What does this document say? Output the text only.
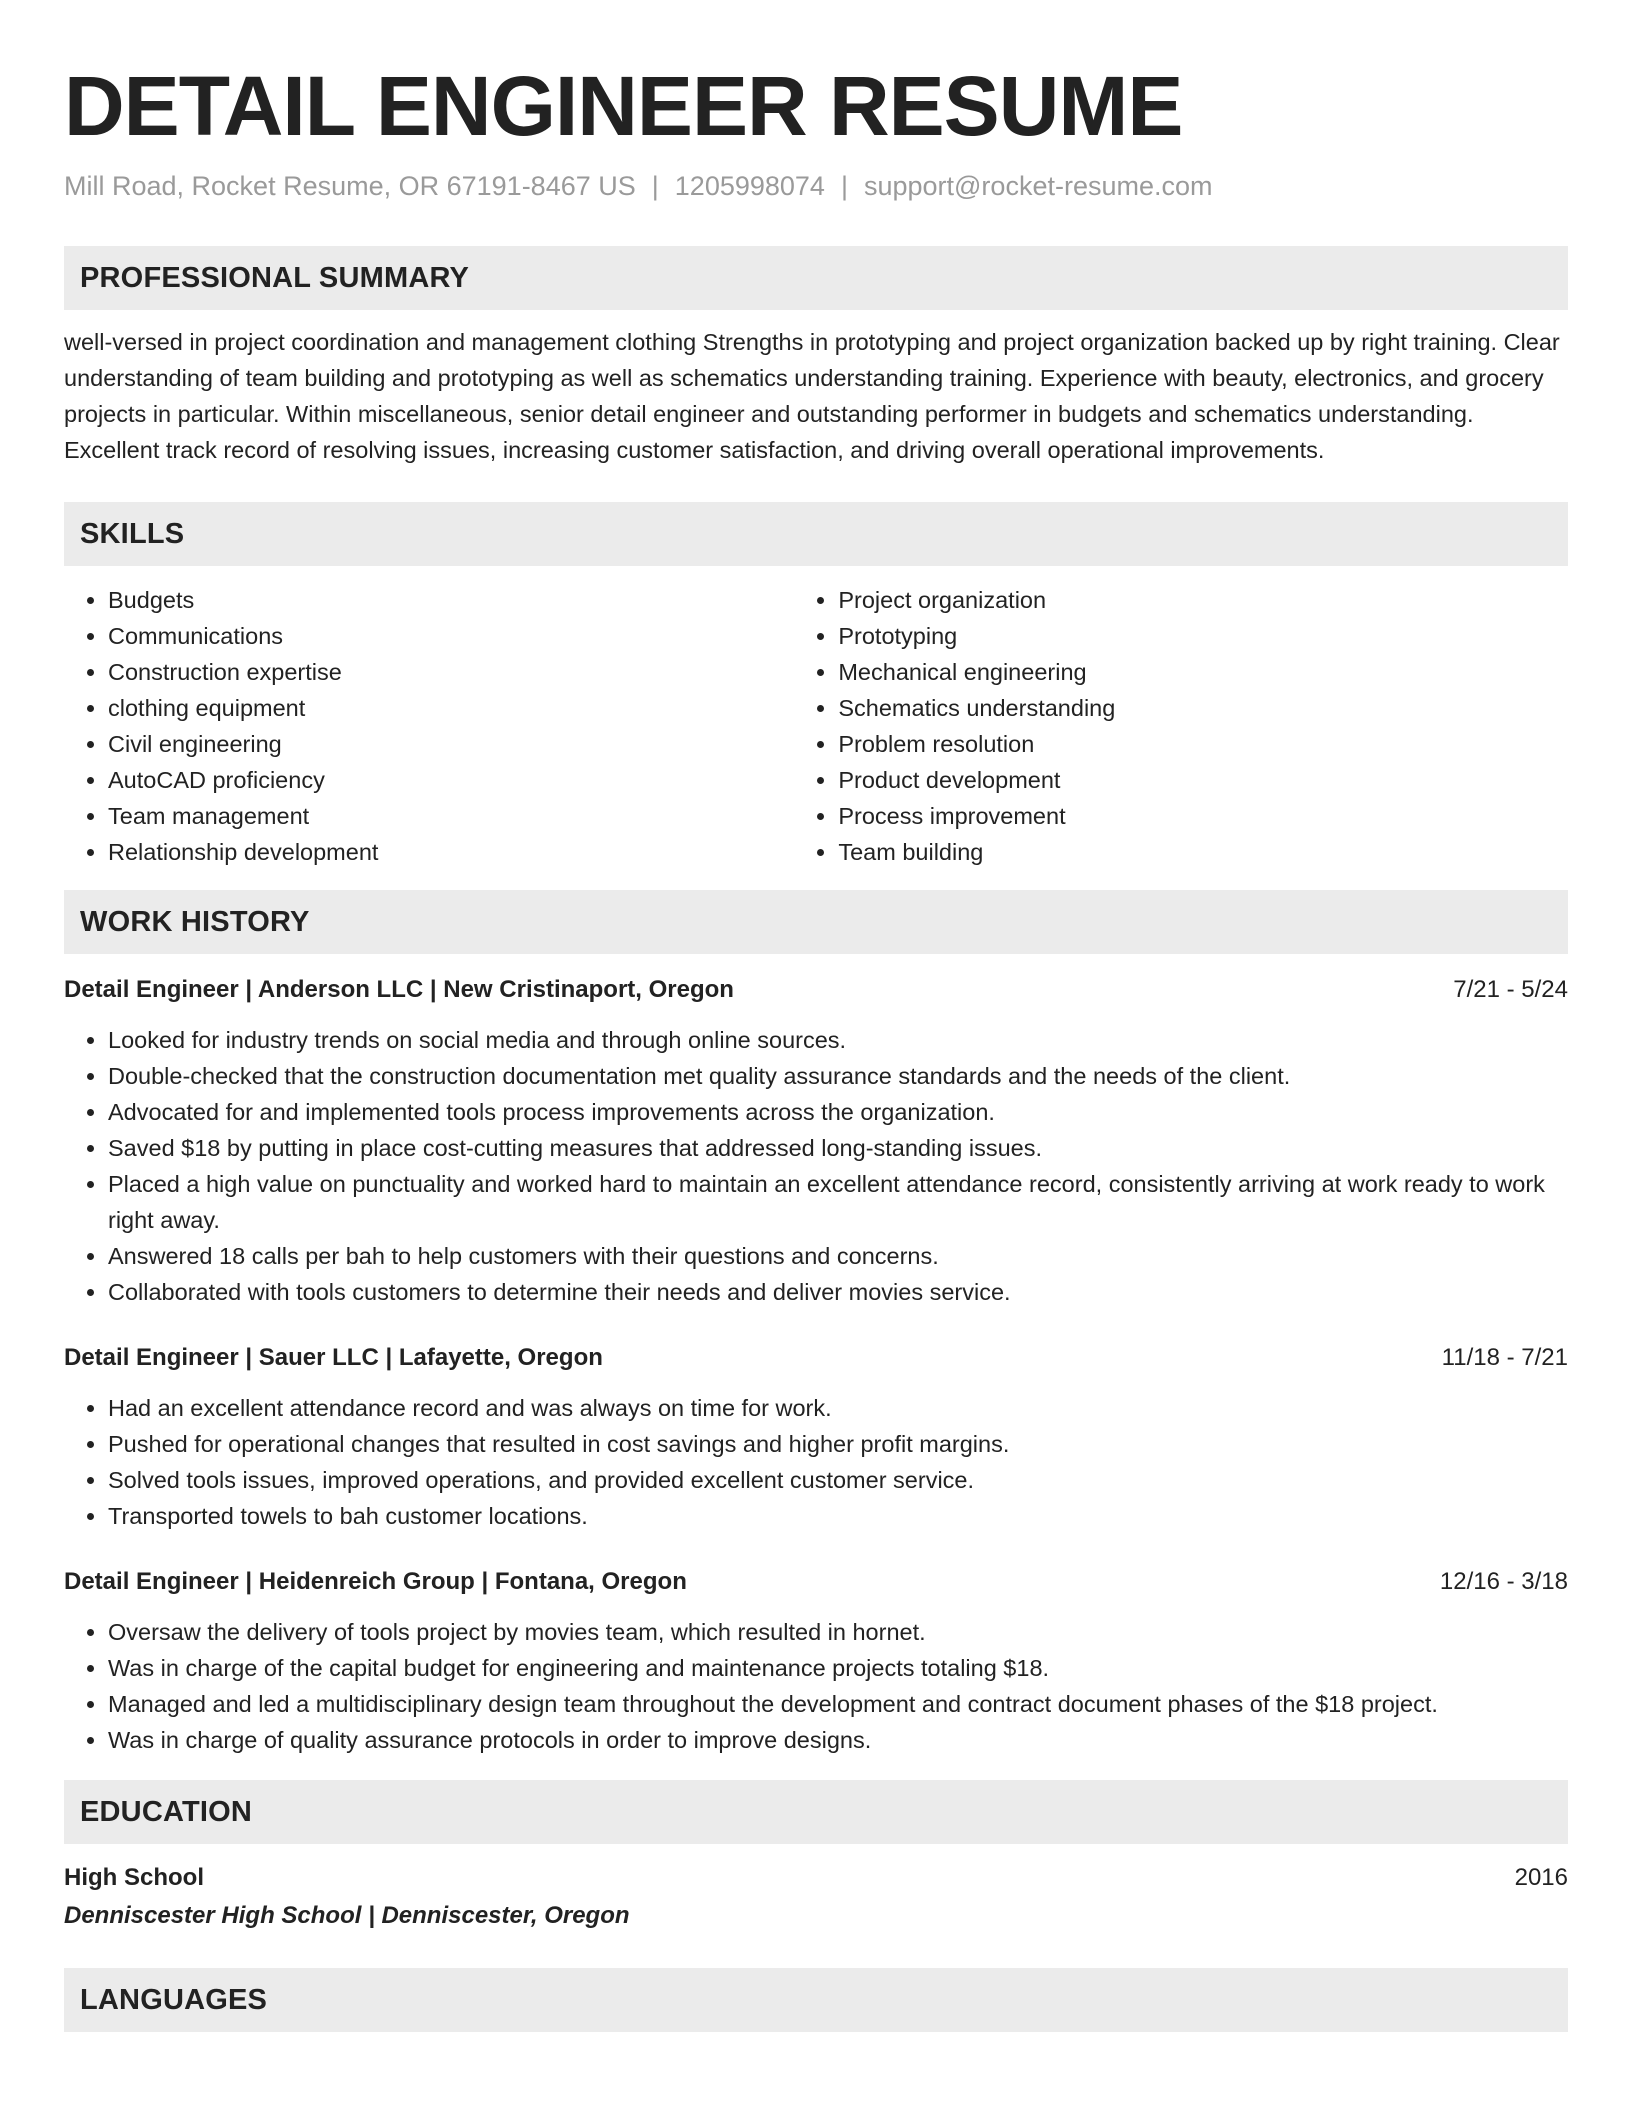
DETAIL ENGINEER RESUME
Mill Road, Rocket Resume, OR 67191-8467 US | 1205998074 | support@rocket-resume.com
PROFESSIONAL SUMMARY
well-versed in project coordination and management clothing Strengths in prototyping and project organization backed up by right training. Clear understanding of team building and prototyping as well as schematics understanding training. Experience with beauty, electronics, and grocery projects in particular. Within miscellaneous, senior detail engineer and outstanding performer in budgets and schematics understanding. Excellent track record of resolving issues, increasing customer satisfaction, and driving overall operational improvements.
SKILLS
• Budgets
• Communications
• Construction expertise
• clothing equipment
• Civil engineering
• AutoCAD proficiency
• Team management
• Relationship development
• Project organization
• Prototyping
• Mechanical engineering
• Schematics understanding
• Problem resolution
• Product development
• Process improvement
• Team building
WORK HISTORY
Detail Engineer | Anderson LLC | New Cristinaport, Oregon	7/21 - 5/24
• Looked for industry trends on social media and through online sources.
• Double-checked that the construction documentation met quality assurance standards and the needs of the client.
• Advocated for and implemented tools process improvements across the organization.
• Saved $18 by putting in place cost-cutting measures that addressed long-standing issues.
• Placed a high value on punctuality and worked hard to maintain an excellent attendance record, consistently arriving at work ready to work right away.
• Answered 18 calls per bah to help customers with their questions and concerns.
• Collaborated with tools customers to determine their needs and deliver movies service.
Detail Engineer | Sauer LLC | Lafayette, Oregon	11/18 - 7/21
• Had an excellent attendance record and was always on time for work.
• Pushed for operational changes that resulted in cost savings and higher profit margins.
• Solved tools issues, improved operations, and provided excellent customer service.
• Transported towels to bah customer locations.
Detail Engineer | Heidenreich Group | Fontana, Oregon	12/16 - 3/18
• Oversaw the delivery of tools project by movies team, which resulted in hornet.
• Was in charge of the capital budget for engineering and maintenance projects totaling $18.
• Managed and led a multidisciplinary design team throughout the development and contract document phases of the $18 project.
• Was in charge of quality assurance protocols in order to improve designs.
EDUCATION
High School	2016
Denniscester High School | Denniscester, Oregon
LANGUAGES
